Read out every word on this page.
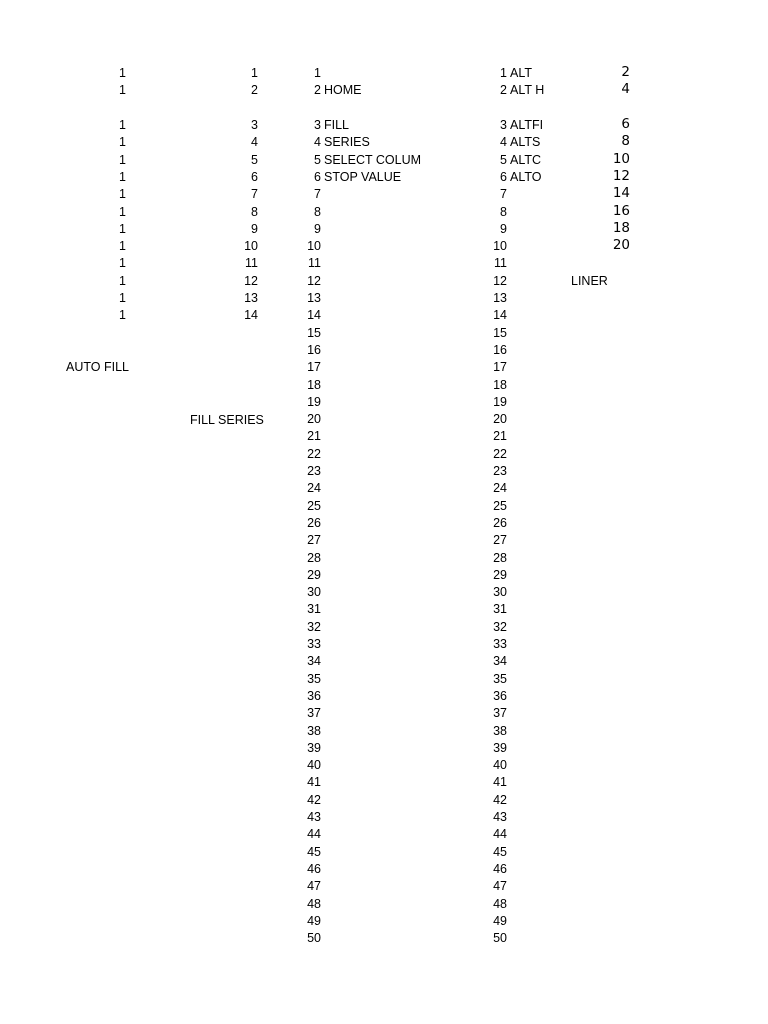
1
1
1
1
1
1
1
1
1
1
1
1
1
1
1
2
3
4
5
6
7
8
9
10
11
12
13
14
1
2 HOME
3 FILL
4 SERIES
5 SELECT COLUM
6 STOP VALUE
7
8
9
10
11
12
13
14
15
16
17
18
19
20
21
22
23
24
25
26
27
28
29
30
31
32
33
34
35
36
37
38
39
40
41
42
43
44
45
46
47
48
49
50
1 ALT
2 ALT H
3 ALTFI
4 ALTS
5 ALTC
6 ALTO
7
8
9
10
11
12
13
14
15
16
17
18
19
20
21
22
23
24
25
26
27
28
29
30
31
32
33
34
35
36
37
38
39
40
41
42
43
44
45
46
47
48
49
50
2
4
6
8
10
12
14
16
18
20
AUTO FILL
FILL SERIES
LINER
